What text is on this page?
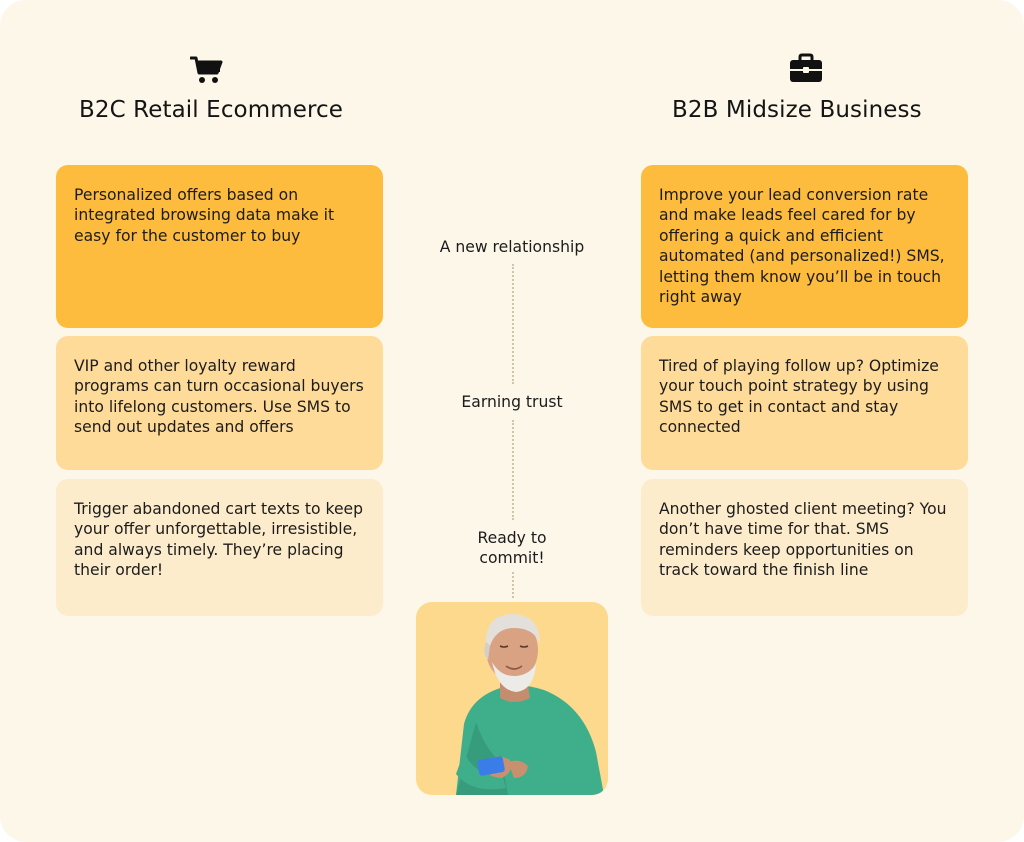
B2C Retail Ecommerce	B2B Midsize Business

Personalized offers based on integrated browsing data make it easy for the customer to buy

VIP and other loyalty reward programs can turn occasional buyers into lifelong customers. Use SMS to send out updates and offers

Trigger abandoned cart texts to keep your offer unforgettable, irresistible, and always timely. They’re placing their order!

Improve your lead conversion rate and make leads feel cared for by offering a quick and efficient automated (and personalized!) SMS, letting them know you’ll be in touch right away

Tired of playing follow up? Optimize your touch point strategy by using SMS to get in contact and stay connected

Another ghosted client meeting? You don’t have time for that. SMS reminders keep opportunities on track toward the finish line

A new relationship
Earning trust
Ready to commit!
